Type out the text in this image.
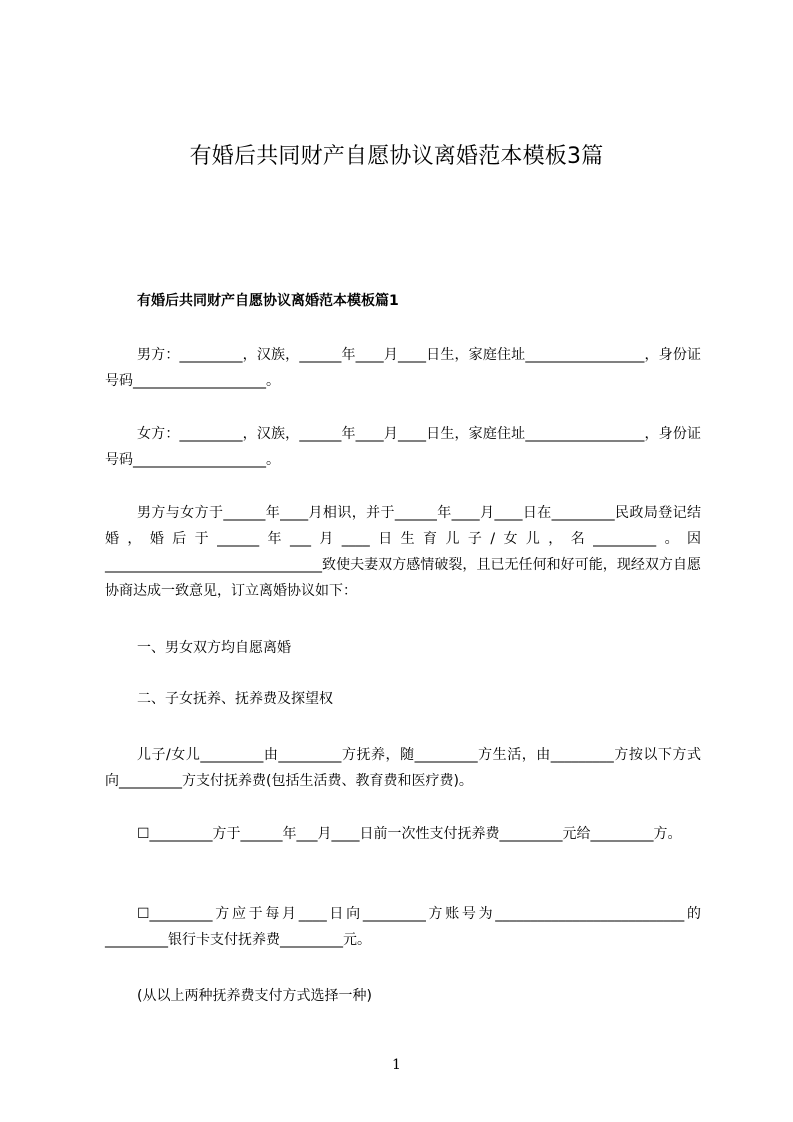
有婚后共同财产自愿协议离婚范本模板3篇
有婚后共同财产自愿协议离婚范本模板篇1

男方：_________，汉族，______年____月____日生，家庭住址_________________，身份证号码___________________。

女方：_________，汉族，______年____月____日生，家庭住址_________________，身份证号码___________________。

男方与女方于______年____月相识，并于______年____月____日在_________民政局登记结婚，婚后于______年___月____日生育儿子/女儿，名_________。因_______________________________致使夫妻双方感情破裂，且已无任何和好可能，现经双方自愿协商达成一致意见，订立离婚协议如下：

一、男女双方均自愿离婚

二、子女抚养、抚养费及探望权

儿子/女儿_________由_________方抚养，随_________方生活，由_________方按以下方式向_________方支付抚养费(包括生活费、教育费和医疗费)。

☐_________方于______年___月____日前一次性支付抚养费_________元给_________方。

☐_________方应于每月____日向_________方账号为___________________________的_________银行卡支付抚养费_________元。

(从以上两种抚养费支付方式选择一种)

1
